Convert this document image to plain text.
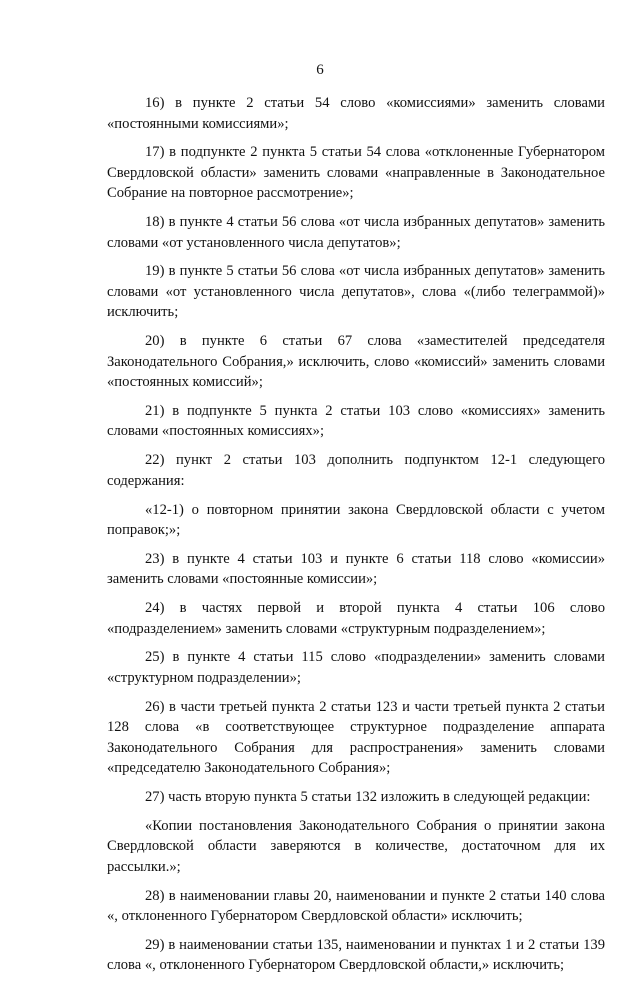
6

16) в пункте 2 статьи 54 слово «комиссиями» заменить словами «постоянными комиссиями»;

17) в подпункте 2 пункта 5 статьи 54 слова «отклоненные Губернатором Свердловской области» заменить словами «направленные в Законодательное Собрание на повторное рассмотрение»;

18) в пункте 4 статьи 56 слова «от числа избранных депутатов» заменить словами «от установленного числа депутатов»;

19) в пункте 5 статьи 56 слова «от числа избранных депутатов» заменить словами «от установленного числа депутатов», слова «(либо телеграммой)» исключить;

20) в пункте 6 статьи 67 слова «заместителей председателя Законодательного Собрания,» исключить, слово «комиссий» заменить словами «постоянных комиссий»;

21) в подпункте 5 пункта 2 статьи 103 слово «комиссиях» заменить словами «постоянных комиссиях»;

22) пункт 2 статьи 103 дополнить подпунктом 12-1 следующего содержания:

«12-1) о повторном принятии закона Свердловской области с учетом поправок;»;

23) в пункте 4 статьи 103 и пункте 6 статьи 118 слово «комиссии» заменить словами «постоянные комиссии»;

24) в частях первой и второй пункта 4 статьи 106 слово «подразделением» заменить словами «структурным подразделением»;

25) в пункте 4 статьи 115 слово «подразделении» заменить словами «структурном подразделении»;

26) в части третьей пункта 2 статьи 123 и части третьей пункта 2 статьи 128 слова «в соответствующее структурное подразделение аппарата Законодательного Собрания для распространения» заменить словами «председателю Законодательного Собрания»;

27) часть вторую пункта 5 статьи 132 изложить в следующей редакции:

«Копии постановления Законодательного Собрания о принятии закона Свердловской области заверяются в количестве, достаточном для их рассылки.»;

28) в наименовании главы 20, наименовании и пункте 2 статьи 140 слова «, отклоненного Губернатором Свердловской области» исключить;

29) в наименовании статьи 135, наименовании и пунктах 1 и 2 статьи 139 слова «, отклоненного Губернатором Свердловской области,» исключить;
